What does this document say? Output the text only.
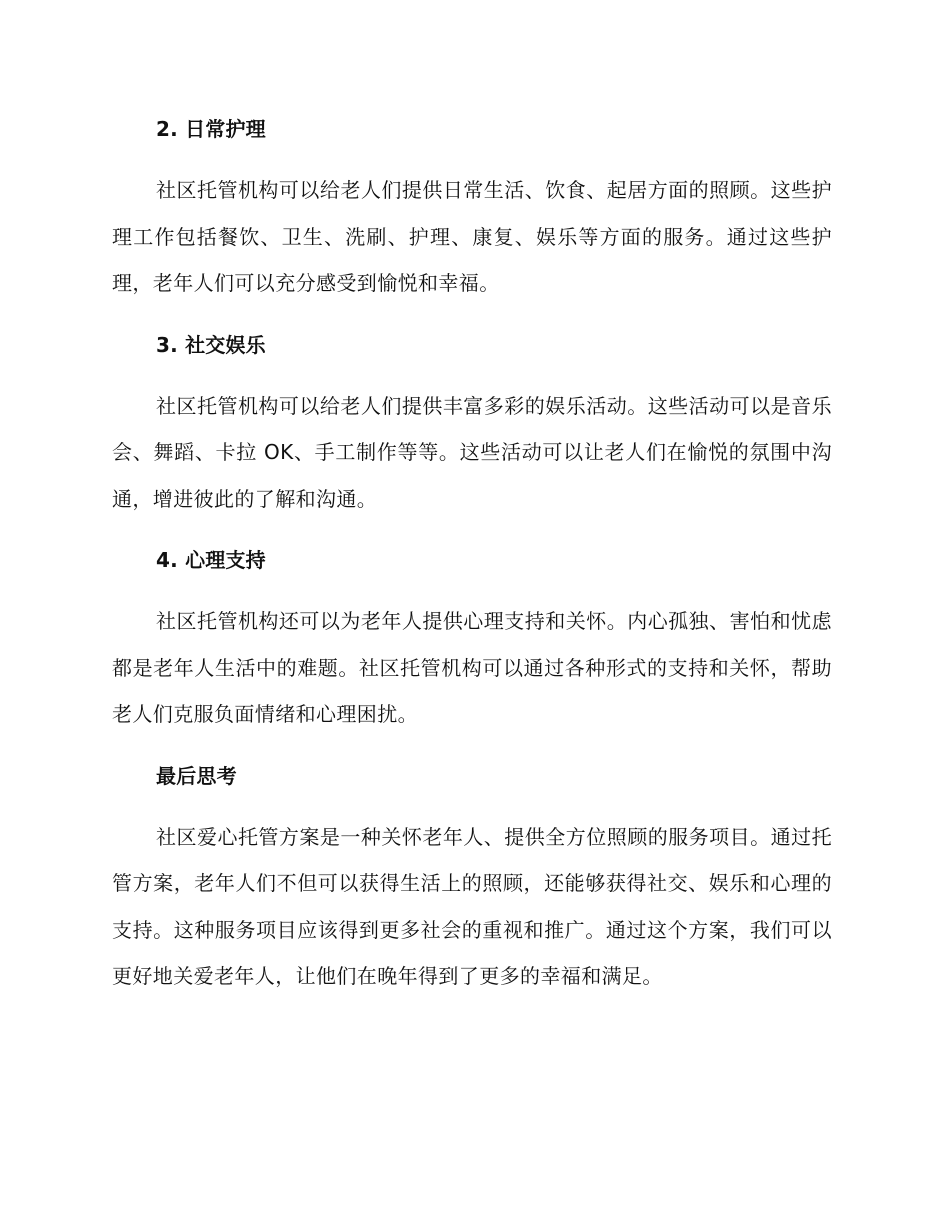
2. 日常护理

社区托管机构可以给老人们提供日常生活、饮食、起居方面的照顾。这些护理工作包括餐饮、卫生、洗刷、护理、康复、娱乐等方面的服务。通过这些护理，老年人们可以充分感受到愉悦和幸福。

3. 社交娱乐

社区托管机构可以给老人们提供丰富多彩的娱乐活动。这些活动可以是音乐会、舞蹈、卡拉 OK、手工制作等等。这些活动可以让老人们在愉悦的氛围中沟通，增进彼此的了解和沟通。

4. 心理支持

社区托管机构还可以为老年人提供心理支持和关怀。内心孤独、害怕和忧虑都是老年人生活中的难题。社区托管机构可以通过各种形式的支持和关怀，帮助老人们克服负面情绪和心理困扰。

最后思考

社区爱心托管方案是一种关怀老年人、提供全方位照顾的服务项目。通过托管方案，老年人们不但可以获得生活上的照顾，还能够获得社交、娱乐和心理的支持。这种服务项目应该得到更多社会的重视和推广。通过这个方案，我们可以更好地关爱老年人，让他们在晚年得到了更多的幸福和满足。
